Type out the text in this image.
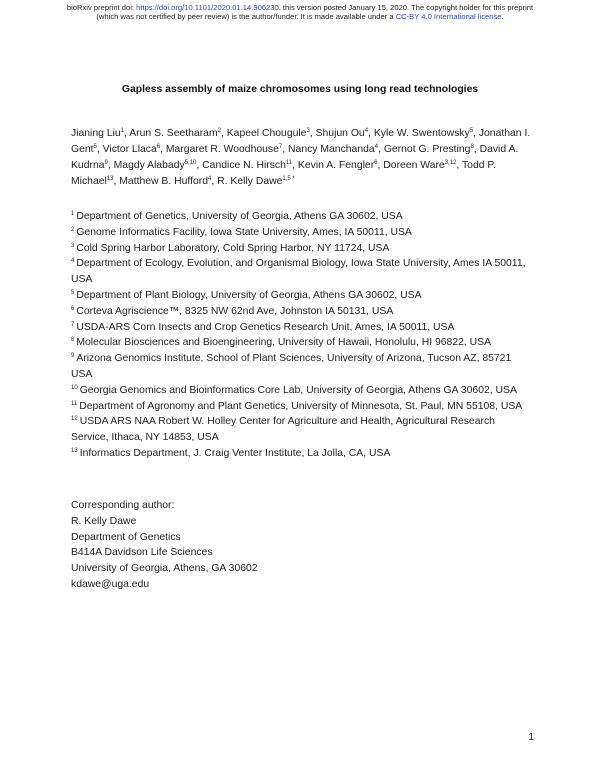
bioRxiv preprint doi: https://doi.org/10.1101/2020.01.14.906230. this version posted January 15, 2020. The copyright holder for this preprint
(which was not certified by peer review) is the author/funder. It is made available under a CC-BY 4.0 International license.
Gapless assembly of maize chromosomes using long read technologies
Jianing Liu$^1$, Arun S. Seetharam$^2$, Kapeel Chougule$^3$, Shujun Ou$^4$, Kyle W. Swentowsky$^5$, Jonathan I. Gent$^5$, Victor Llaca$^6$, Margaret R. Woodhouse$^7$, Nancy Manchanda$^4$, Gernot G. Presting$^8$, David A. Kudrna$^9$, Magdy Alabady$^{5,10}$, Candice N. Hirsch$^{11}$, Kevin A. Fengler$^6$, Doreen Ware$^{3,12}$, Todd P. Michael$^{13}$, Matthew B. Hufford$^4$, R. Kelly Dawe$^{1,5 *}$
$^1$ Department of Genetics, University of Georgia, Athens GA 30602, USA
$^2$ Genome Informatics Facility, Iowa State University, Ames, IA 50011, USA
$^3$ Cold Spring Harbor Laboratory, Cold Spring Harbor, NY 11724, USA
$^4$ Department of Ecology, Evolution, and Organismal Biology, Iowa State University, Ames IA 50011, USA
$^5$ Department of Plant Biology, University of Georgia, Athens GA 30602, USA
$^6$ Corteva Agriscience™, 8325 NW 62nd Ave, Johnston IA 50131, USA
$^7$ USDA-ARS Corn Insects and Crop Genetics Research Unit, Ames, IA 50011, USA
$^8$ Molecular Biosciences and Bioengineering, University of Hawaii, Honolulu, HI 96822, USA
$^9$ Arizona Genomics Institute, School of Plant Sciences, University of Arizona, Tucson AZ, 85721 USA
$^{10}$ Georgia Genomics and Bioinformatics Core Lab, University of Georgia, Athens GA 30602, USA
$^{11}$ Department of Agronomy and Plant Genetics, University of Minnesota, St. Paul, MN 55108, USA
$^{12}$ USDA ARS NAA Robert W. Holley Center for Agriculture and Health, Agricultural Research Service, Ithaca, NY 14853, USA
$^{13}$ Informatics Department, J. Craig Venter Institute, La Jolla, CA, USA
Corresponding author:
R. Kelly Dawe
Department of Genetics
B414A Davidson Life Sciences
University of Georgia, Athens, GA 30602
kdawe@uga.edu
1
